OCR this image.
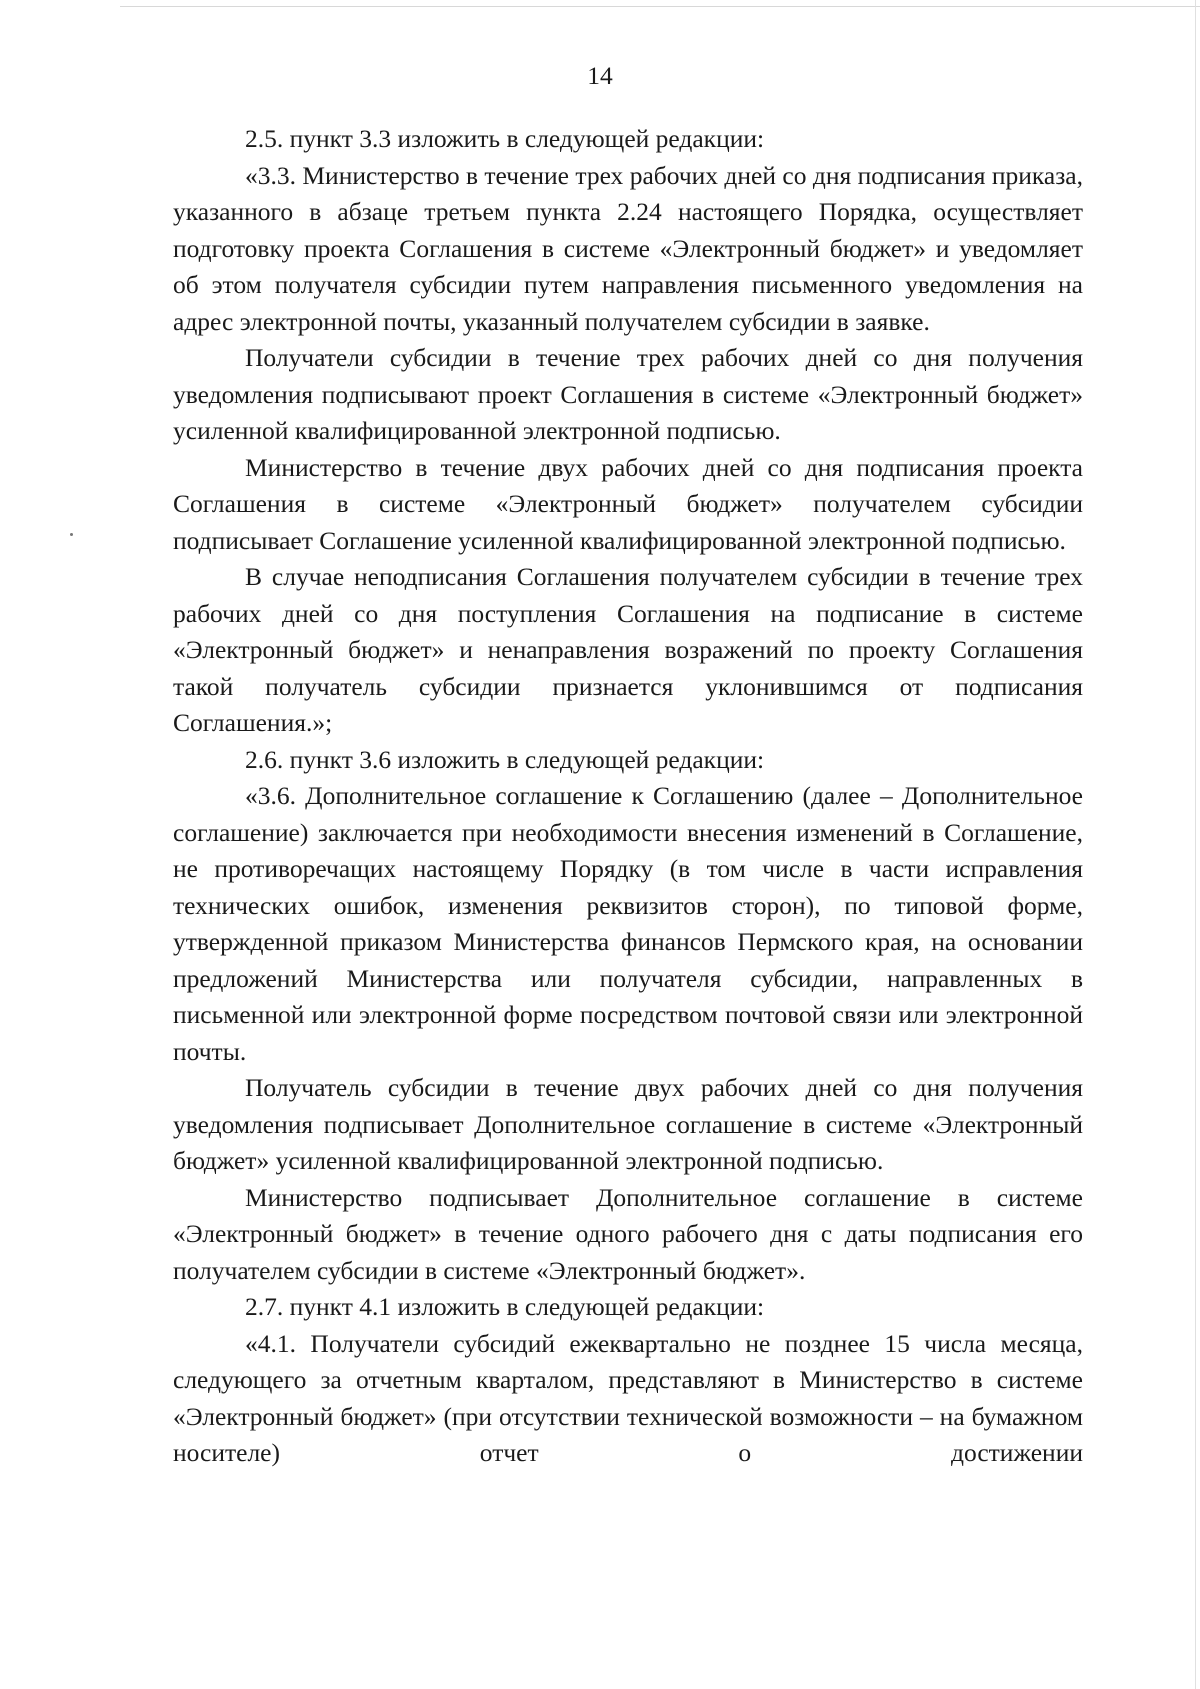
14

2.5. пункт 3.3 изложить в следующей редакции:

«3.3. Министерство в течение трех рабочих дней со дня подписания приказа, указанного в абзаце третьем пункта 2.24 настоящего Порядка, осуществляет подготовку проекта Соглашения в системе «Электронный бюджет» и уведомляет об этом получателя субсидии путем направления письменного уведомления на адрес электронной почты, указанный получателем субсидии в заявке.

Получатели субсидии в течение трех рабочих дней со дня получения уведомления подписывают проект Соглашения в системе «Электронный бюджет» усиленной квалифицированной электронной подписью.

Министерство в течение двух рабочих дней со дня подписания проекта Соглашения в системе «Электронный бюджет» получателем субсидии подписывает Соглашение усиленной квалифицированной электронной подписью.

В случае неподписания Соглашения получателем субсидии в течение трех рабочих дней со дня поступления Соглашения на подписание в системе «Электронный бюджет» и ненаправления возражений по проекту Соглашения такой получатель субсидии признается уклонившимся от подписания Соглашения.»;

2.6. пункт 3.6 изложить в следующей редакции:

«3.6. Дополнительное соглашение к Соглашению (далее – Дополнительное соглашение) заключается при необходимости внесения изменений в Соглашение, не противоречащих настоящему Порядку (в том числе в части исправления технических ошибок, изменения реквизитов сторон), по типовой форме, утвержденной приказом Министерства финансов Пермского края, на основании предложений Министерства или получателя субсидии, направленных в письменной или электронной форме посредством почтовой связи или электронной почты.

Получатель субсидии в течение двух рабочих дней со дня получения уведомления подписывает Дополнительное соглашение в системе «Электронный бюджет» усиленной квалифицированной электронной подписью.

Министерство подписывает Дополнительное соглашение в системе «Электронный бюджет» в течение одного рабочего дня с даты подписания его получателем субсидии в системе «Электронный бюджет».

2.7. пункт 4.1 изложить в следующей редакции:

«4.1. Получатели субсидий ежеквартально не позднее 15 числа месяца, следующего за отчетным кварталом, представляют в Министерство в системе «Электронный бюджет» (при отсутствии технической возможности – на бумажном носителе) отчет о достижении
